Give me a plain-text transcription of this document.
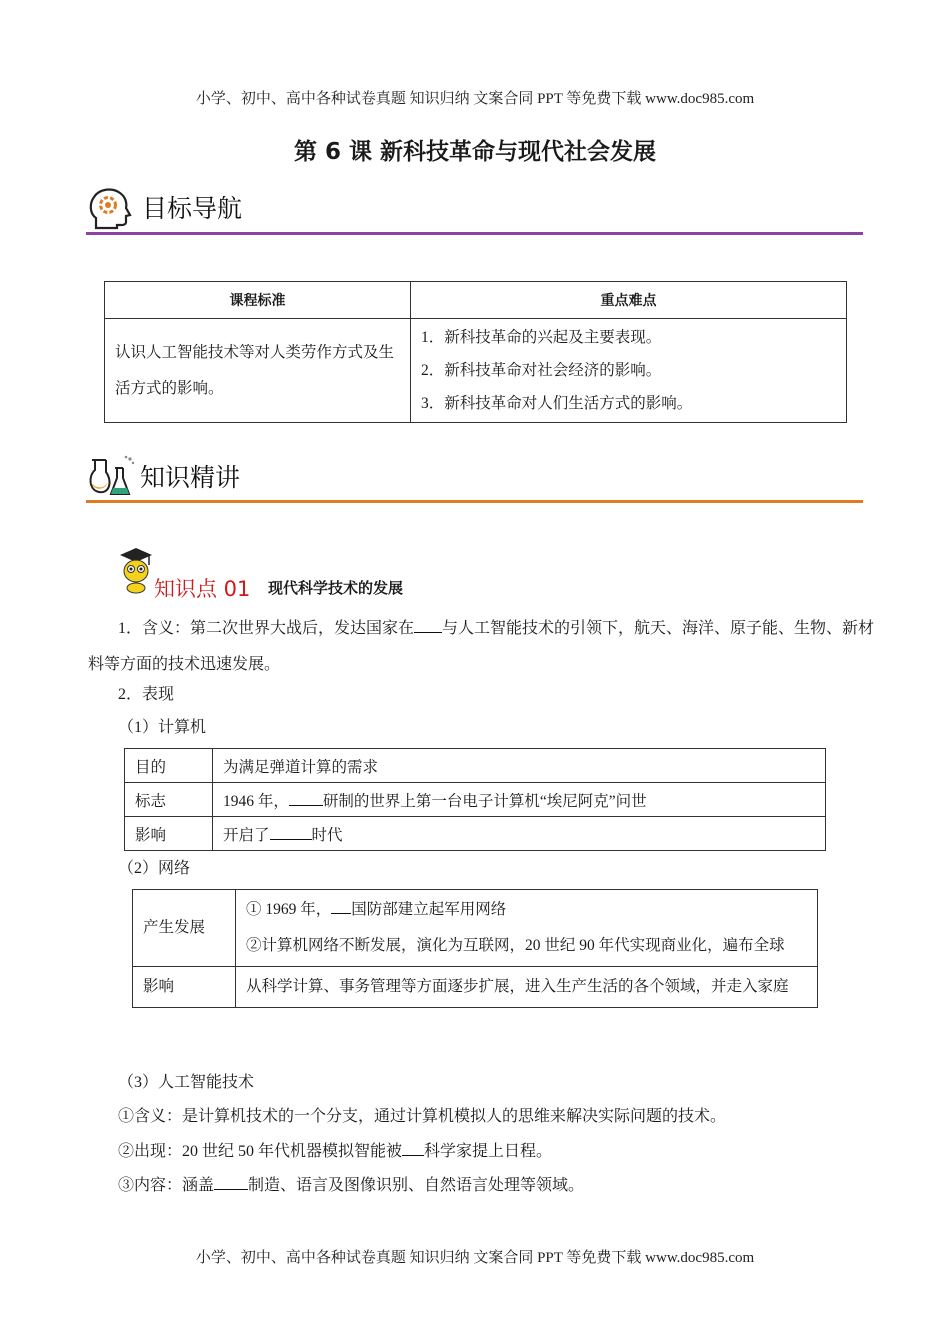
小学、初中、高中各种试卷真题 知识归纳 文案合同 PPT 等免费下载 www.doc985.com
第 6 课 新科技革命与现代社会发展
目标导航
课程标准	重点难点
认识人工智能技术等对人类劳作方式及生活方式的影响。	1．新科技革命的兴起及主要表现。
2．新科技革命对社会经济的影响。
3．新科技革命对人们生活方式的影响。
知识精讲
知识点 01 现代科学技术的发展
1．含义：第二次世界大战后，发达国家在 与人工智能技术的引领下，航天、海洋、原子能、生物、新材料等方面的技术迅速发展。
2．表现
（1）计算机
目的	为满足弹道计算的需求
标志	1946 年， 研制的世界上第一台电子计算机“埃尼阿克”问世
影响	开启了 时代
（2）网络
产生发展	① 1969 年， 国防部建立起军用网络
②计算机网络不断发展，演化为互联网，20 世纪 90 年代实现商业化，遍布全球

影响	从科学计算、事务管理等方面逐步扩展，进入生产生活的各个领域，并走入家庭
（3）人工智能技术
①含义：是计算机技术的一个分支，通过计算机模拟人的思维来解决实际问题的技术。
②出现：20 世纪 50 年代机器模拟智能被 科学家提上日程。
③内容：涵盖 制造、语言及图像识别、自然语言处理等领域。
小学、初中、高中各种试卷真题 知识归纳 文案合同 PPT 等免费下载 www.doc985.com
